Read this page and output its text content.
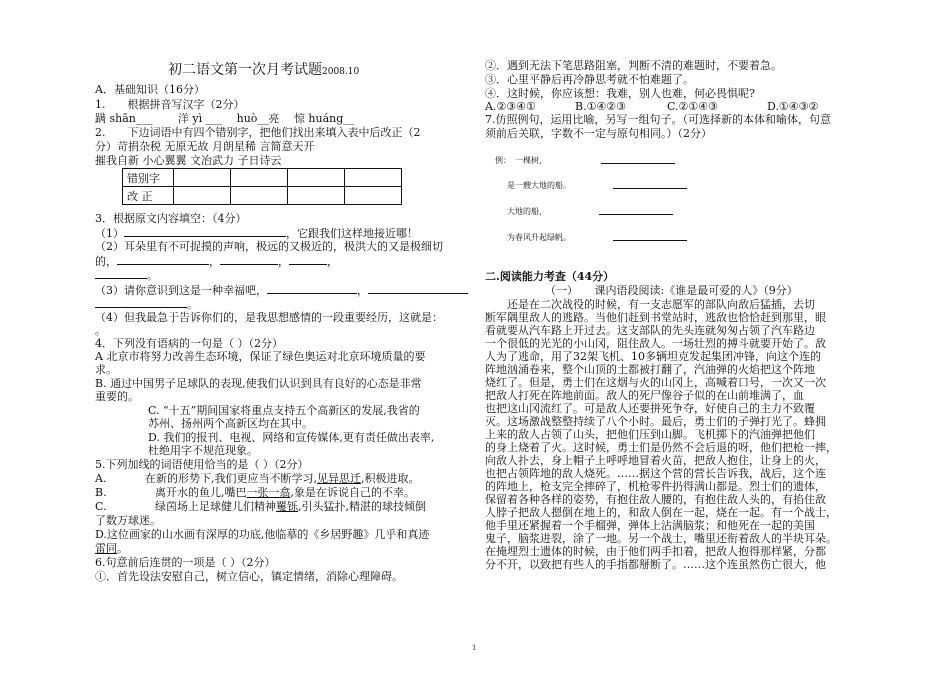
初二语文第一次月考试题2008.10
A．基础知识（16分）
1.　　根据拼音写汉字（2分）
蹒 shān___   洋 yì ___  huò__亮  惊 huáng__
2.　　下边词语中有四个错别字，把他们找出来填入表中后改正（2
分）苛捐杂税 无原无故 月朗星稀 言简意天开
摧我自新 小心翼翼 文冶武力 子日诗云
错别字				
改 正				
3．根据原文内容填空：（4分）
（1）	，它跟我们这样地接近哪！
（2）耳朵里有不可捉摸的声响，极远的又极近的，极洪大的又是极细切
的，	，	，	，
。
（3）请你意识到这是一种幸福吧，	，
。
（4）但我最急于告诉你们的，是我思想感情的一段重要经历，这就是：
。
4．下列没有语病的一句是（ ）（2分）
A 北京市将努力改善生态环境，保证了绿色奥运对北京环境质量的要
求。
B. 通过中国男子足球队的表现,使我们认识到具有良好的心态是非常
重要的。
C. “十五”期间国家将重点支持五个高新区的发展,我省的
苏州、扬州两个高新区均在其中。
D. 我们的报刊、电视、网络和宣传媒体,更有责任做出表率,
杜绝用字不规范现象。
5.下列加线的词语使用恰当的是（ ）（2分）
A.	在新的形势下,我们更应当不断学习,见异思迁,积极进取。
B.	离开水的鱼儿,嘴巴一张一翕,象是在诉说自己的不幸。
C.	绿茵场上足球健儿们精神矍铄,引头猛扑,精湛的球技倾倒
了数万球迷。
D.这位画家的山水画有深厚的功底,他临摹的《乡居野趣》几乎和真迹
雷同。
6.句意前后连贯的一项是（ ）（2分）
①．首先设法安慰自己，树立信心，镇定情绪，消除心理障碍。
②．遇到无法下笔思路阻塞，判断不清的难题时，不要着急。
③．心里平静后再冷静思考就不怕难题了。
④．这时候，你应该想：我难，别人也难，何必畏惧呢?
A.②③④①	B.①④②③	C.②①④③	D.①④③②
7.仿照例句，运用比喻，另写一组句子。（可选择新的本体和喻体，句意
须前后关联，字数不一定与原句相同。）（2分）
例：　一棵树，
是一艘大地的船。
大地的船，
为春风升起绿帆。
二.阅读能力考查（44分）
（一）　　课内语段阅读:《谁是最可爱的人》（9分）
　　还是在二次战役的时候，有一支志愿军的部队向敌后猛插，去切
断军隅里敌人的逃路。当他们赶到书堂站时，逃敌也恰恰赶到那里，眼
看就要从汽车路上开过去。这支部队的先头连就匆匆占领了汽车路边
一个很低的光光的小山冈，阻住敌人。一场壮烈的搏斗就要开始了。敌
人为了逃命，用了32架飞机、10多辆坦克发起集团冲锋，向这个连的
阵地汹涌卷来，整个山顶的土都被打翻了，汽油弹的火焰把这个阵地
烧红了。但是，勇士们在这烟与火的山冈上，高喊着口号，一次又一次
把敌人打死在阵地前面。敌人的死尸像谷子似的在山前堆满了，血
也把这山冈流红了。可是敌人还要拼死争夺，好使自己的主力不致覆
灭。这场激战整整持续了八个小时。最后，勇士们的子弹打光了。蜂拥
上来的敌人占领了山头，把他们压到山脚。飞机掷下的汽油弹把他们
的身上烧着了火。这时候，勇士们是仍然不会后退的呀，他们把枪一摔，
向敌人扑去，身上帽子上呼呼地冒着火苗，把敌人抱住，让身上的火，
也把占领阵地的敌人烧死。……据这个营的营长告诉我，战后，这个连
的阵地上，枪支完全摔碎了，机枪零件扔得满山都是。烈士们的遗体，
保留着各种各样的姿势，有抱住敌人腰的，有抱住敌人头的，有掐住敌
人脖子把敌人摁倒在地上的，和敌人倒在一起，烧在一起。有一个战士，
他手里还紧握着一个手榴弹，弹体上沾满脑浆；和他死在一起的美国
鬼子，脑浆进裂，涂了一地。另一个战士，嘴里还衔着敌人的半块耳朵。
在掩埋烈士遗体的时候，由于他们两手扣着，把敌人抱得那样紧，分都
分不开，以致把有些人的手指都掰断了。……这个连虽然伤亡很大，他
1
